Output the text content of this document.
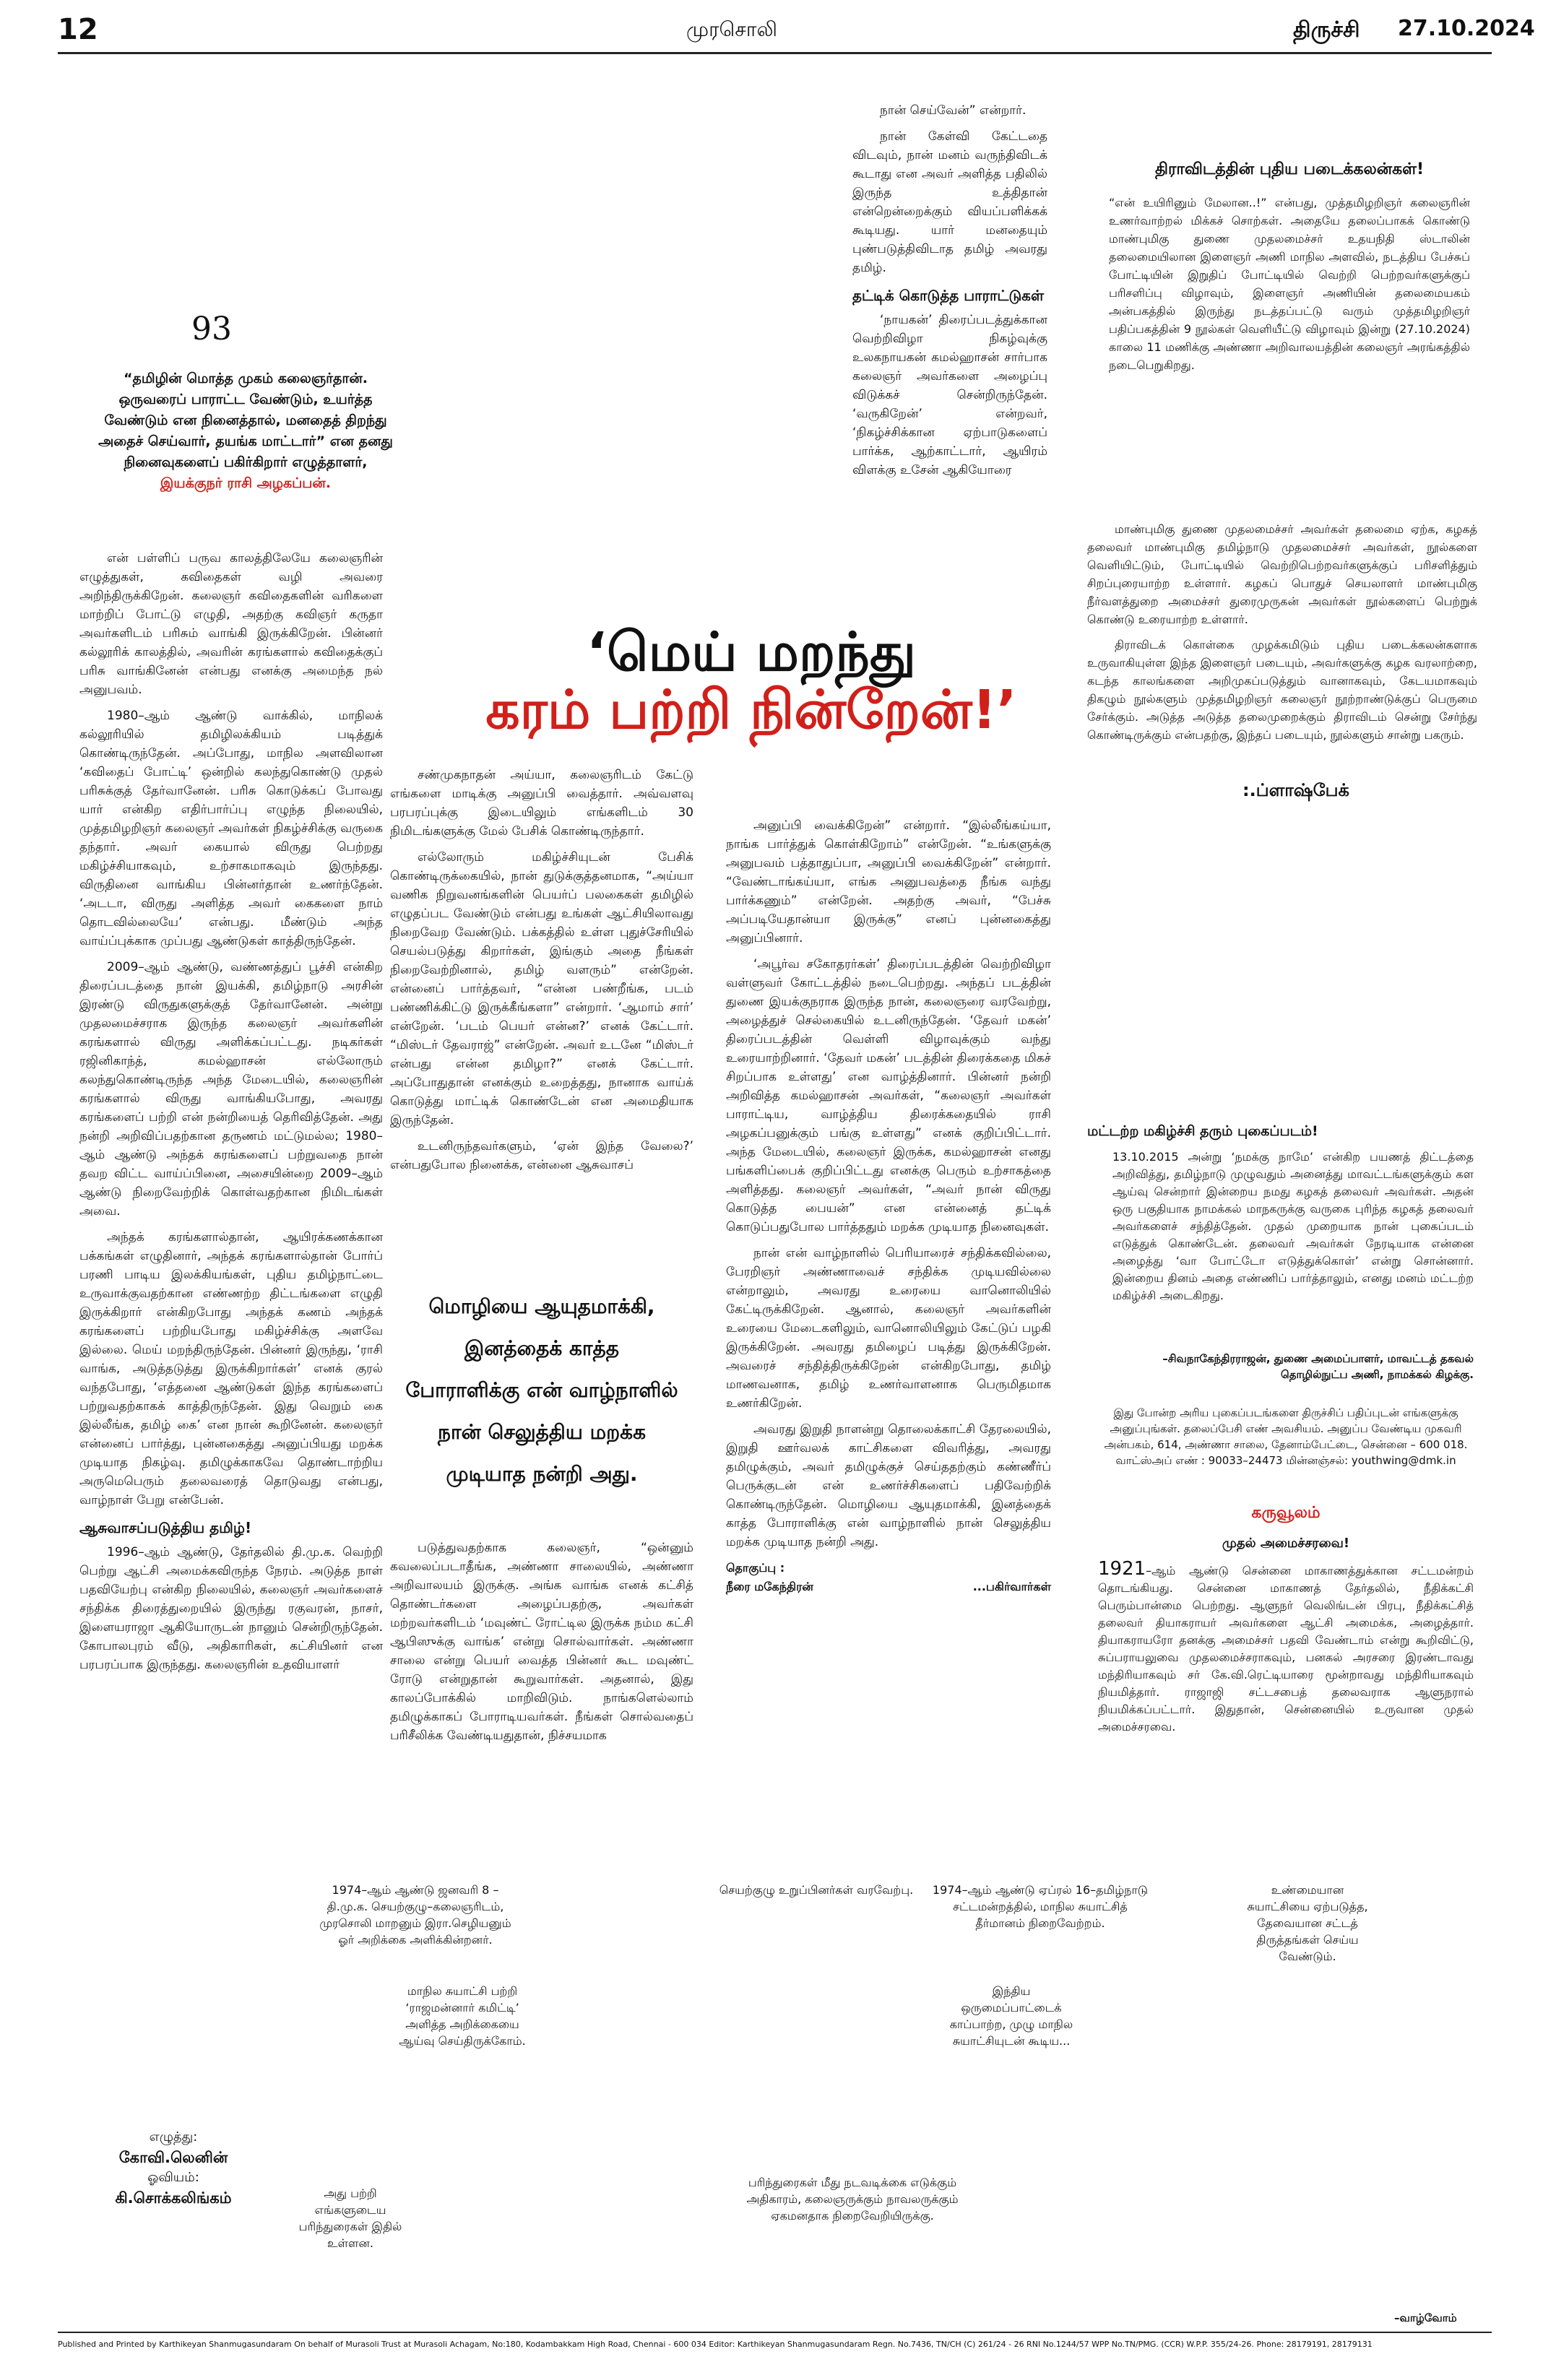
12	முரசொலி	திருச்சி 27.10.2024
93
“தமிழின் மொத்த முகம் கலைஞர்தான். ஒருவரைப் பாராட்ட வேண்டும், உயர்த்த வேண்டும் என நினைத்தால், மனதைத் திறந்து அதைச் செய்வார், தயங்க மாட்டார்” என தனது நினைவுகளைப் பகிர்கிறார் எழுத்தாளர், இயக்குநர் ராசி அழகப்பன்.
‘மெய் மறந்து
கரம் பற்றி நின்றேன்!’

என் பள்ளிப் பருவ காலத்திலேயே கலைஞரின் எழுத்துகள், கவிதைகள் வழி அவரை அறிந்திருக்கிறேன். கலைஞர் கவிதைகளின் வரிகளை மாற்றிப் போட்டு எழுதி, அதற்கு கவிஞர் கருதா அவர்களிடம் பரிசும் வாங்கி இருக்கிறேன். பின்னர் கல்லூரிக் காலத்தில், அவரின் கரங்களால் கவிதைக்குப் பரிசு வாங்கினேன் என்பது எனக்கு அமைந்த நல் அனுபவம்.

1980–ஆம் ஆண்டு வாக்கில், மாநிலக் கல்லூரியில் தமிழிலக்கியம் படித்துக் கொண்டிருந்தேன். அப்போது, மாநில அளவிலான ‘கவிதைப் போட்டி’ ஒன்றில் கலந்துகொண்டு முதல் பரிசுக்குத் தேர்வானேன். பரிசு கொடுக்கப் போவது யார் என்கிற எதிர்பார்ப்பு எழுந்த நிலையில், முத்தமிழறிஞர் கலைஞர் அவர்கள் நிகழ்ச்சிக்கு வருகை தந்தார். அவர் கையால் விருது பெற்றது மகிழ்ச்சியாகவும், உற்சாகமாகவும் இருந்தது. விருதினை வாங்கிய பின்னர்தான் உணர்ந்தேன். ‘அடடா, விருது அளித்த அவர் கைகளை நாம் தொடவில்லையே’ என்பது. மீண்டும் அந்த வாய்ப்புக்காக முப்பது ஆண்டுகள் காத்திருந்தேன்.

2009–ஆம் ஆண்டு, வண்ணத்துப் பூச்சி என்கிற திரைப்படத்தை நான் இயக்கி, தமிழ்நாடு அரசின் இரண்டு விருதுகளுக்குத் தேர்வானேன். அன்று முதலமைச்சராக இருந்த கலைஞர் அவர்களின் கரங்களால் விருது அளிக்கப்பட்டது. நடிகர்கள் ரஜினிகாந்த், கமல்ஹாசன் எல்லோரும் கலந்துகொண்டிருந்த அந்த மேடையில், கலைஞரின் கரங்களால் விருது வாங்கியபோது, அவரது கரங்களைப் பற்றி என் நன்றியைத் தெரிவித்தேன். அது நன்றி அறிவிப்பதற்கான தருணம் மட்டுமல்ல; 1980–ஆம் ஆண்டு அந்தக் கரங்களைப் பற்றுவதை நான் தவற விட்ட வாய்ப்பினை, அசையின்றை 2009–ஆம் ஆண்டு நிறைவேற்றிக் கொள்வதற்கான நிமிடங்கள் அவை.

அந்தக் கரங்களால்தான், ஆயிரக்கணக்கான பக்கங்கள் எழுதினார், அந்தக் கரங்களால்தான் போர்ப் பரணி பாடிய இலக்கியங்கள், புதிய தமிழ்நாட்டை உருவாக்குவதற்கான எண்ணற்ற திட்டங்களை எழுதி இருக்கிறார் என்கிறபோது அந்தக் கணம் அந்தக் கரங்களைப் பற்றியபோது மகிழ்ச்சிக்கு அளவே இல்லை. மெய் மறந்திருந்தேன். பின்னர் இருந்து, ‘ராசி வாங்க, அடுத்தடுத்து இருக்கிறார்கள்’ எனக் குரல் வந்தபோது, ‘எத்தனை ஆண்டுகள் இந்த கரங்களைப் பற்றுவதற்காகக் காத்திருந்தேன். இது வெறும் கை இல்லீங்க, தமிழ் கை’ என நான் கூறினேன். கலைஞர் என்னைப் பார்த்து, புன்னகைத்து அனுப்பியது மறக்க முடியாத நிகழ்வு. தமிழுக்காகவே தொண்டாற்றிய அருமெபெரும் தலைவரைத் தொடுவது என்பது, வாழ்நாள் பேறு என்பேன்.

ஆசுவாசப்படுத்திய தமிழ்!

1996–ஆம் ஆண்டு, தேர்தலில் தி.மு.க. வெற்றி பெற்று ஆட்சி அமைக்கவிருந்த நேரம். அடுத்த நாள் பதவியேற்பு என்கிற நிலையில், கலைஞர் அவர்களைச் சந்திக்க திரைத்துறையில் இருந்து ரகுவரன், நாசர், இளையராஜா ஆகியோருடன் நானும் சென்றிருந்தேன். கோபாலபுரம் வீடு, அதிகாரிகள், கட்சியினர் என பரபரப்பாக இருந்தது. கலைஞரின் உதவியாளர்

சண்முகநாதன் அய்யா, கலைஞரிடம் கேட்டு எங்களை மாடிக்கு அனுப்பி வைத்தார். அவ்வளவு பரபரப்புக்கு இடையிலும் எங்களிடம் 30 நிமிடங்களுக்கு மேல் பேசிக் கொண்டிருந்தார்.

எல்லோரும் மகிழ்ச்சியுடன் பேசிக் கொண்டிருக்கையில், நான் துடுக்குத்தனமாக, “அய்யா வணிக நிறுவனங்களின் பெயர்ப் பலகைகள் தமிழில் எழுதப்பட வேண்டும் என்பது உங்கள் ஆட்சியிலாவது நிறைவேற வேண்டும். பக்கத்தில் உள்ள புதுச்சேரியில் செயல்படுத்து கிறார்கள், இங்கும் அதை நீங்கள் நிறைவேற்றினால், தமிழ் வளரும்” என்றேன். என்னைப் பார்த்தவர், “என்ன பண்றீங்க, படம் பண்ணிக்கிட்டு இருக்கீங்களா” என்றார். ‘ஆமாம் சார்’ என்றேன். ‘படம் பெயர் என்ன?’ எனக் கேட்டார். “மிஸ்டர் தேவராஜ்” என்றேன். அவர் உடனே “மிஸ்டர் என்பது என்ன தமிழா?” எனக் கேட்டார். அப்போதுதான் எனக்கும் உறைத்தது, நானாக வாய்க் கொடுத்து மாட்டிக் கொண்டேன் என அமைதியாக இருந்தேன்.

உடனிருந்தவர்களும், ‘ஏன் இந்த வேலை?’ என்பதுபோல நினைக்க, என்னை ஆசுவாசப்

மொழியை ஆயுதமாக்கி, இனத்தைக் காத்த போராளிக்கு என் வாழ்நாளில் நான் செலுத்திய மறக்க முடியாத நன்றி அது.

படுத்துவதற்காக கலைஞர், “ஒன்னும் கவலைப்படாதீங்க, அண்ணா சாலையில், அண்ணா அறிவாலயம் இருக்கு. அங்க வாங்க எனக் கட்சித் தொண்டர்களை அழைப்பதற்கு, அவர்கள் மற்றவர்களிடம் ‘மவுண்ட் ரோட்டில இருக்க நம்ம கட்சி ஆபிஸுக்கு வாங்க’ என்று சொல்வார்கள். அண்ணா சாலை என்று பெயர் வைத்த பின்னர் கூட மவுண்ட் ரோடு என்றுதான் கூறுவார்கள். அதனால், இது காலப்போக்கில் மாறிவிடும். நாங்களெல்லாம் தமிழுக்காகப் போராடியவர்கள். நீங்கள் சொல்வதைப் பரிசீலிக்க வேண்டியதுதான், நிச்சயமாக

நான் செய்வேன்” என்றார்.

நான் கேள்வி கேட்டதை விடவும், நான் மனம் வருந்திவிடக் கூடாது என அவர் அளித்த பதிலில் இருந்த உத்திதான் என்றென்றைக்கும் வியப்பளிக்கக் கூடியது. யார் மனதையும் புண்படுத்திவிடாத தமிழ் அவரது தமிழ்.

தட்டிக் கொடுத்த பாராட்டுகள்

‘நாயகன்’ திரைப்படத்துக்கான வெற்றிவிழா நிகழ்வுக்கு உலகநாயகன் கமல்ஹாசன் சார்பாக கலைஞர் அவர்களை அழைப்பு விடுக்கச் சென்றிருந்தேன். ‘வருகிறேன்’ என்றவர், ‘நிகழ்ச்சிக்கான ஏற்பாடுகளைப் பார்க்க, ஆற்காட்டார், ஆயிரம் விளக்கு உசேன் ஆகியோரை

அனுப்பி வைக்கிறேன்” என்றார். “இல்லீங்கய்யா, நாங்க பார்த்துக் கொள்கிறோம்” என்றேன். “உங்களுக்கு அனுபவம் பத்தாதுப்பா, அனுப்பி வைக்கிறேன்” என்றார். “வேண்டாங்கய்யா, எங்க அனுபவத்தை நீங்க வந்து பார்க்கணும்” என்றேன். அதற்கு அவர், “பேச்சு அப்படியேதான்யா இருக்கு” எனப் புன்னகைத்து அனுப்பினார்.

‘அபூர்வ சகோதரர்கள்’ திரைப்படத்தின் வெற்றிவிழா வள்ளுவர் கோட்டத்தில் நடைபெற்றது. அந்தப் படத்தின் துணை இயக்குநராக இருந்த நான், கலைஞரை வரவேற்று, அழைத்துச் செல்கையில் உடனிருந்தேன். ‘தேவர் மகன்’ திரைப்படத்தின் வெள்ளி விழாவுக்கும் வந்து உரையாற்றினார். ‘தேவர் மகன்’ படத்தின் திரைக்கதை மிகச் சிறப்பாக உள்ளது’ என வாழ்த்தினார். பின்னர் நன்றி அறிவித்த கமல்ஹாசன் அவர்கள், “கலைஞர் அவர்கள் பாராட்டிய, வாழ்த்திய திரைக்கதையில் ராசி அழகப்பனுக்கும் பங்கு உள்ளது” எனக் குறிப்பிட்டார். அந்த மேடையில், கலைஞர் இருக்க, கமல்ஹாசன் எனது பங்களிப்பைக் குறிப்பிட்டது எனக்கு பெரும் உற்சாகத்தை அளித்தது. கலைஞர் அவர்கள், “அவர் நான் விருது கொடுத்த பையன்” என என்னைத் தட்டிக் கொடுப்பதுபோல பார்த்ததும் மறக்க முடியாத நினைவுகள்.

நான் என் வாழ்நாளில் பெரியாரைச் சந்திக்கவில்லை, பேரறிஞர் அண்ணாவைச் சந்திக்க முடியவில்லை என்றாலும், அவரது உரையை வானொலியில் கேட்டிருக்கிறேன். ஆனால், கலைஞர் அவர்களின் உரையை மேடைகளிலும், வானொலியிலும் கேட்டுப் பழகி இருக்கிறேன். அவரது தமிழைப் படித்து இருக்கிறேன். அவரைச் சந்தித்திருக்கிறேன் என்கிறபோது, தமிழ் மாணவனாக, தமிழ் உணர்வாளனாக பெருமிதமாக உணர்கிறேன்.

அவரது இறுதி நாளன்று தொலைக்காட்சி தேரலையில், இறுதி ஊர்வலக் காட்சிகளை விவரித்து, அவரது தமிழுக்கும், அவர் தமிழுக்குச் செய்ததற்கும் கண்ணீர்ப் பெருக்குடன் என் உணர்ச்சிகளைப் பதிவேற்றிக் கொண்டிருந்தேன். மொழியை ஆயுதமாக்கி, இனத்தைக் காத்த போராளிக்கு என் வாழ்நாளில் நான் செலுத்திய மறக்க முடியாத நன்றி அது.

தொகுப்பு :
நீரை மகேந்திரன்	...பகிர்வார்கள்
திராவிடத்தின் புதிய படைக்கலன்கள்!
“என் உயிரினும் மேலான..!” என்பது, முத்தமிழறிஞர் கலைஞரின் உணர்வாற்றல் மிக்கச் சொற்கள். அதையே தலைப்பாகக் கொண்டு மாண்புமிகு துணை முதலமைச்சர் உதயநிதி ஸ்டாலின் தலைமையிலான இளைஞர் அணி மாநில அளவில், நடத்திய பேச்சுப் போட்டியின் இறுதிப் போட்டியில் வெற்றி பெற்றவர்களுக்குப் பரிசளிப்பு விழாவும், இளைஞர் அணியின் தலைமையகம் அன்பகத்தில் இருந்து நடத்தப்பட்டு வரும் முத்தமிழறிஞர் பதிப்பகத்தின் 9 நூல்கள் வெளியீட்டு விழாவும் இன்று (27.10.2024) காலை 11 மணிக்கு அண்ணா அறிவாலயத்தின் கலைஞர் அரங்கத்தில் நடைபெறுகிறது.

மாண்புமிகு துணை முதலமைச்சர் அவர்கள் தலைமை ஏற்க, கழகத் தலைவர் மாண்புமிகு தமிழ்நாடு முதலமைச்சர் அவர்கள், நூல்களை வெளியிட்டும், போட்டியில் வெற்றிபெற்றவர்களுக்குப் பரிசளித்தும் சிறப்புரையாற்ற உள்ளார். கழகப் பொதுச் செயலாளர் மாண்புமிகு நீர்வளத்துறை அமைச்சர் துரைமுருகன் அவர்கள் நூல்களைப் பெற்றுக் கொண்டு உரையாற்ற உள்ளார்.

திராவிடக் கொள்கை முழக்கமிடும் புதிய படைக்கலன்களாக உருவாகியுள்ள இந்த இளைஞர் படையும், அவர்களுக்கு கழக வரலாற்றை, கடந்த காலங்களை அறிமுகப்படுத்தும் வானாகவும், கேடயமாகவும் திகழும் நூல்களும் முத்தமிழறிஞர் கலைஞர் நூற்றாண்டுக்குப் பெருமை சேர்க்கும். அடுத்த அடுத்த தலைமுறைக்கும் திராவிடம் சென்று சேர்ந்து கொண்டிருக்கும் என்பதற்கு, இந்தப் படையும், நூல்களும் சான்று பகரும்.

:.ப்ளாஷ்பேக்
மட்டற்ற மகிழ்ச்சி தரும் புகைப்படம்!
13.10.2015 அன்று ‘நமக்கு நாமே’ என்கிற பயணத் திட்டத்தை அறிவித்து, தமிழ்நாடு முழுவதும் அனைத்து மாவட்டங்களுக்கும் கள ஆய்வு சென்றார் இன்றைய நமது கழகத் தலைவர் அவர்கள். அதன் ஒரு பகுதியாக நாமக்கல் மாநகருக்கு வருகை புரிந்த கழகத் தலைவர் அவர்களைச் சந்தித்தேன். முதல் முறையாக நான் புகைப்படம் எடுத்துக் கொண்டேன். தலைவர் அவர்கள் நேரடியாக என்னை அழைத்து ‘வா போட்டோ எடுத்துக்கொள்’ என்று சொன்னார். இன்றைய தினம் அதை எண்ணிப் பார்த்தாலும், எனது மனம் மட்டற்ற மகிழ்ச்சி அடைகிறது.
–சிவநாகேந்திரராஜன், துணை அமைப்பாளர், மாவட்டத் தகவல் தொழில்நுட்ப அணி, நாமக்கல் கிழக்கு.
இது போன்ற அரிய புகைப்படங்களை திருச்சிப் பதிப்புடன் எங்களுக்கு அனுப்புங்கள். தலைப்பேசி எண் அவசியம். அனுப்ப வேண்டிய முகவரி அன்பகம், 614, அண்ணா சாலை, தேனாம்பேட்டை, சென்னை – 600 018. வாட்ஸ்அப் எண் : 90033–24473 மின்னஞ்சல்: youthwing@dmk.in
கருவூலம்
முதல் அமைச்சரவை!
1921–ஆம் ஆண்டு சென்னை மாகாணத்துக்கான சட்டமன்றம் தொடங்கியது. சென்னை மாகாணத் தேர்தலில், நீதிக்கட்சி பெரும்பான்மை பெற்றது. ஆளுநர் வெலிங்டன் பிரபு, நீதிக்கட்சித் தலைவர் தியாகராயர் அவர்களை ஆட்சி அமைக்க, அழைத்தார். தியாகராயரோ தனக்கு அமைச்சர் பதவி வேண்டாம் என்று கூறிவிட்டு, சுப்பராயலுவை முதலமைச்சராகவும், பனகல் அரசரை இரண்டாவது மந்திரியாகவும் சர் கே.வி.ரெட்டியாரை மூன்றாவது மந்திரியாகவும் நியமித்தார். ராஜாஜி சட்டசபைத் தலைவராக ஆளுநரால் நியமிக்கப்பட்டார். இதுதான், சென்னையில் உருவான முதல் அமைச்சரவை.
1974–ஆம் ஆண்டு ஜனவரி 8 – தி.மு.க. செயற்குழு–கலைஞரிடம், முரசொலி மாறனும் இரா.செழியனும் ஓர் அறிக்கை அளிக்கின்றனர்.
செயற்குழு உறுப்பினர்கள் வரவேற்பு.	1974–ஆம் ஆண்டு ஏப்ரல் 16–தமிழ்நாடு சட்டமன்றத்தில், மாநில சுயாட்சித் தீர்மானம் நிறைவேற்றம்.
உண்மையான சுயாட்சியை ஏற்படுத்த, தேவையான சட்டத் திருத்தங்கள் செய்ய வேண்டும்.
மாநில சுயாட்சி பற்றி ‘ராஜமன்னார் கமிட்டி’ அளித்த அறிக்கையை ஆய்வு செய்திருக்கோம்.
இந்திய ஒருமைப்பாட்டைக் காப்பாற்ற, முழு மாநில சுயாட்சியுடன் கூடிய...
அது பற்றி எங்களுடைய பரிந்துரைகள் இதில் உள்ளன.
பரிந்துரைகள் மீது நடவடிக்கை எடுக்கும் அதிகாரம், கலைஞருக்கும் நாவலருக்கும் ஏகமனதாக நிறைவேறியிருக்கு.
எழுத்து:
கோவி.லெனின்
ஓவியம்:
கி.சொக்கலிங்கம்
–வாழ்வோம்
Published and Printed by Karthikeyan Shanmugasundaram On behalf of Murasoli Trust at Murasoli Achagam, No:180, Kodambakkam High Road, Chennai - 600 034 Editor: Karthikeyan Shanmugasundaram Regn. No.7436, TN/CH (C) 261/24 - 26 RNI No.1244/57 WPP No.TN/PMG. (CCR) W.P.P. 355/24-26. Phone: 28179191, 28179131
